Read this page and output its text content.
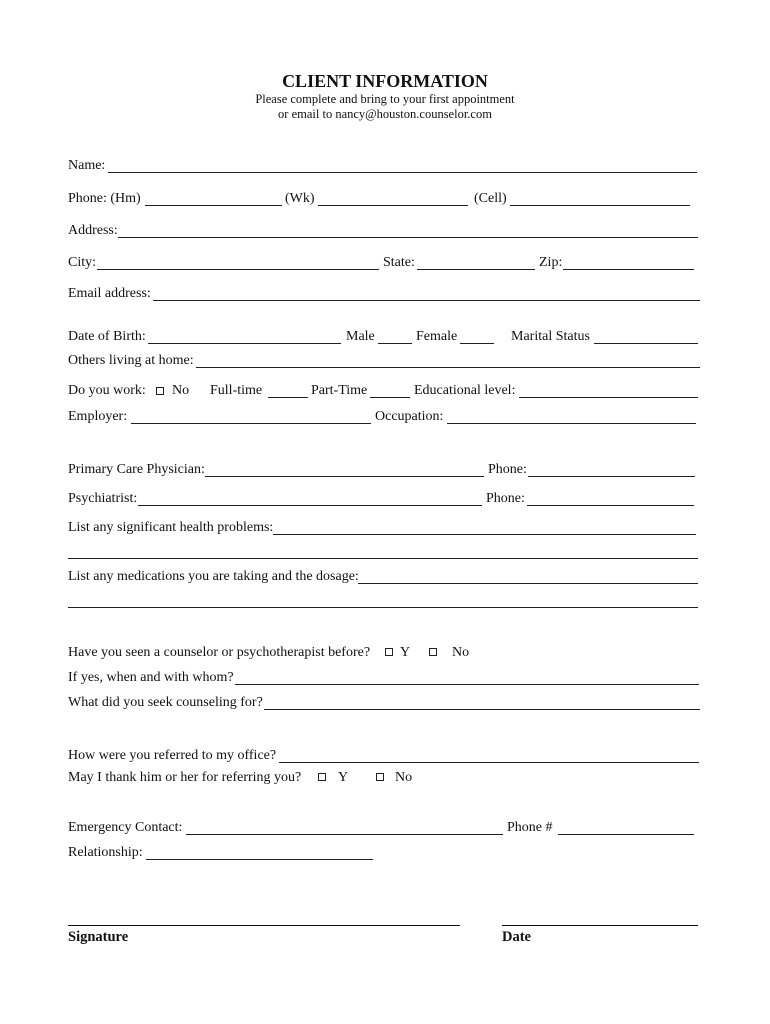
CLIENT INFORMATION
Please complete and bring to your first appointment
or email to nancy@houston.counselor.com
Name:
Phone: (Hm)	(Wk)	(Cell)
Address:
City:	State:	Zip:
Email address:
Date of Birth:	Male	Female	Marital Status
Others living at home:
Do you work: No Full-time	Part-Time	Educational level:
Employer:	Occupation:
Primary Care Physician:	Phone:
Psychiatrist:	Phone:
List any significant health problems:
List any medications you are taking and the dosage:
Have you seen a counselor or psychotherapist before? Y	No
If yes, when and with whom?
What did you seek counseling for?
How were you referred to my office?
May I thank him or her for referring you?	Y	No
Emergency Contact:	Phone #
Relationship:
Signature	Date
